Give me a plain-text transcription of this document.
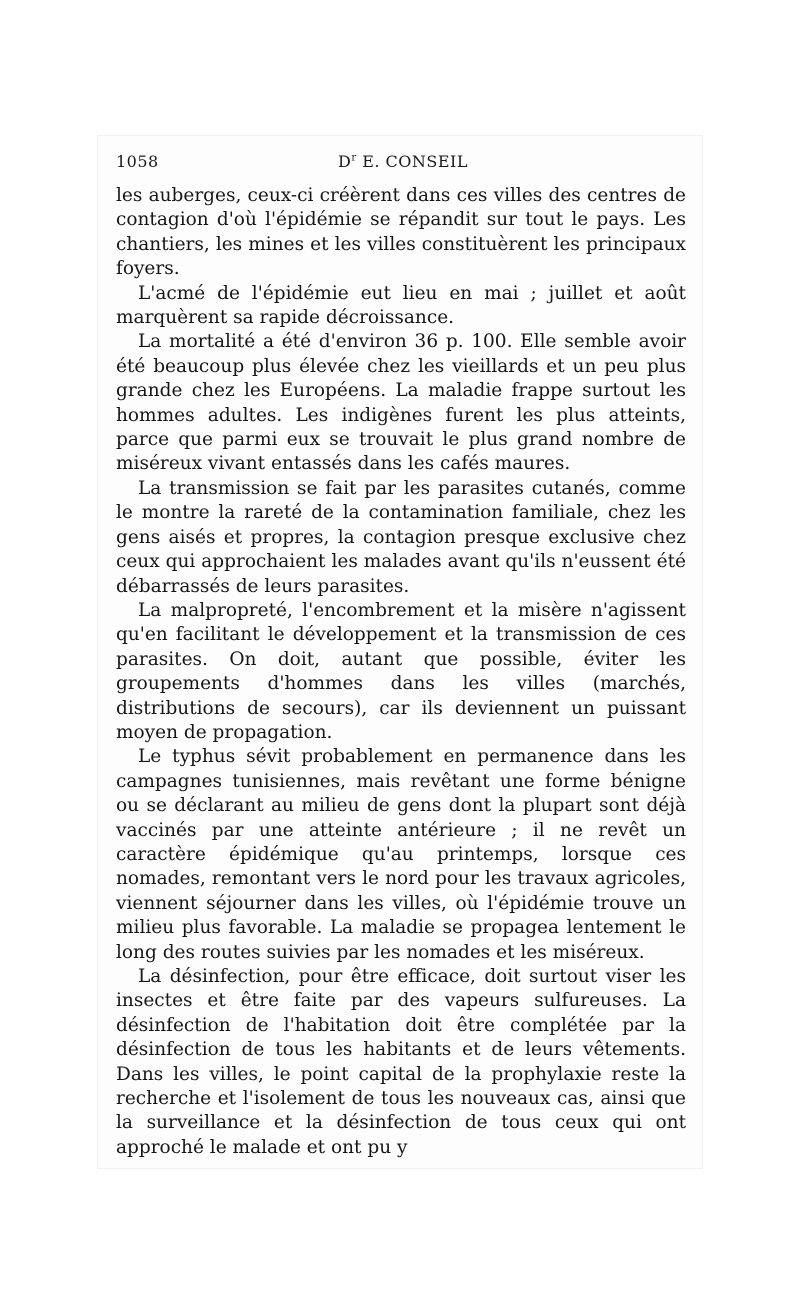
1058	$D^r$ E. CONSEIL

les auberges, ceux-ci créèrent dans ces villes des centres de contagion d'où l'épidémie se répandit sur tout le pays. Les chantiers, les mines et les villes constituèrent les principaux foyers.

L'acmé de l'épidémie eut lieu en mai ; juillet et août marquèrent sa rapide décroissance.

La mortalité a été d'environ 36 p. 100. Elle semble avoir été beaucoup plus élevée chez les vieillards et un peu plus grande chez les Européens. La maladie frappe surtout les hommes adultes. Les indigènes furent les plus atteints, parce que parmi eux se trouvait le plus grand nombre de miséreux vivant entassés dans les cafés maures.

La transmission se fait par les parasites cutanés, comme le montre la rareté de la contamination familiale, chez les gens aisés et propres, la contagion presque exclusive chez ceux qui approchaient les malades avant qu'ils n'eussent été débarrassés de leurs parasites.

La malpropreté, l'encombrement et la misère n'agissent qu'en facilitant le développement et la transmission de ces parasites. On doit, autant que possible, éviter les groupements d'hommes dans les villes (marchés, distributions de secours), car ils deviennent un puissant moyen de propagation.

Le typhus sévit probablement en permanence dans les campagnes tunisiennes, mais revêtant une forme bénigne ou se déclarant au milieu de gens dont la plupart sont déjà vaccinés par une atteinte antérieure ; il ne revêt un caractère épidémique qu'au printemps, lorsque ces nomades, remontant vers le nord pour les travaux agricoles, viennent séjourner dans les villes, où l'épidémie trouve un milieu plus favorable. La maladie se propagea lentement le long des routes suivies par les nomades et les miséreux.

La désinfection, pour être efficace, doit surtout viser les insectes et être faite par des vapeurs sulfureuses. La désinfection de l'habitation doit être complétée par la désinfection de tous les habitants et de leurs vêtements. Dans les villes, le point capital de la prophylaxie reste la recherche et l'isolement de tous les nouveaux cas, ainsi que la surveillance et la désinfection de tous ceux qui ont approché le malade et ont pu y
